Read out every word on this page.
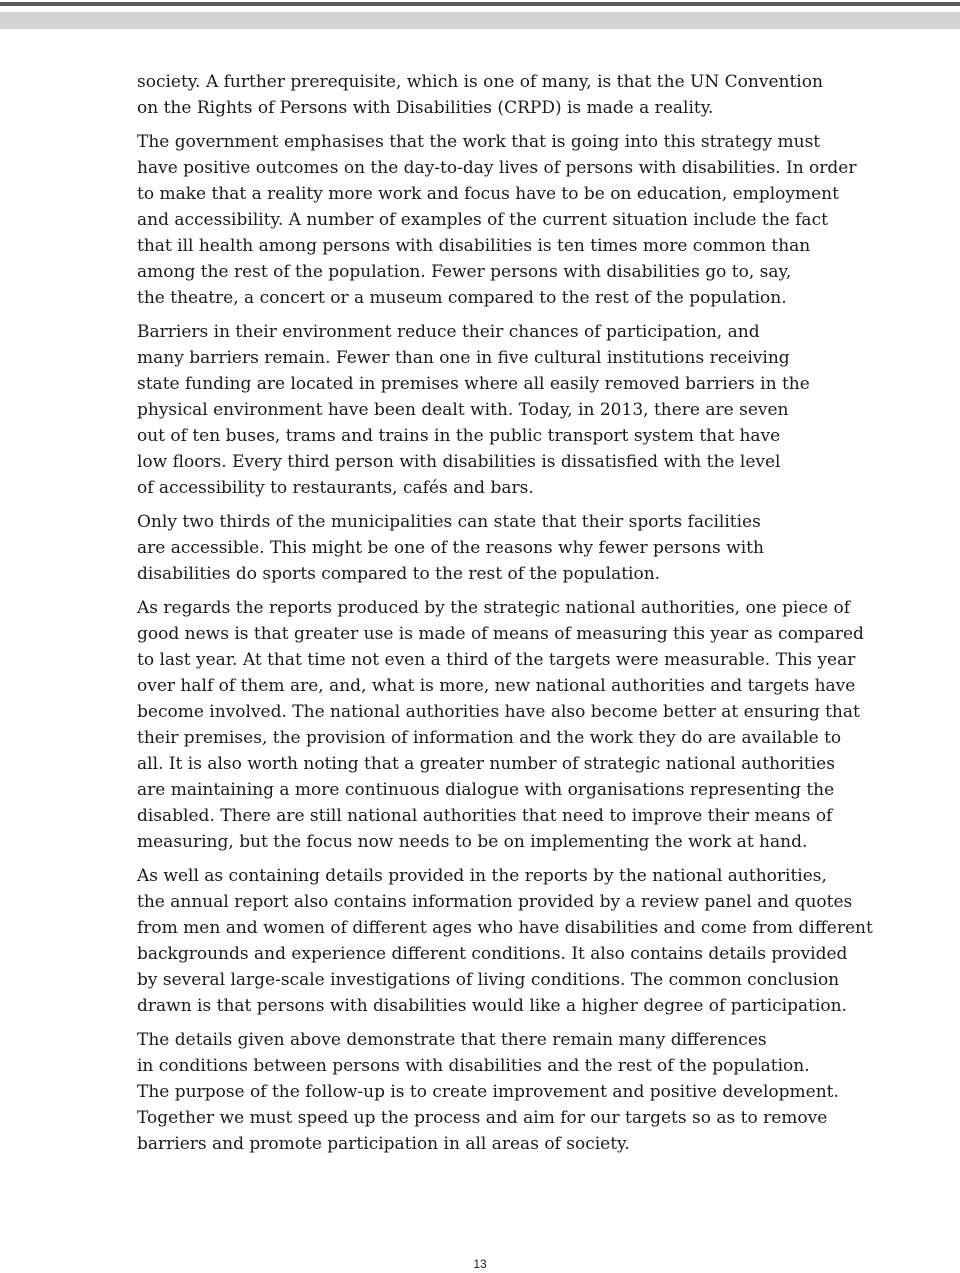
society. A further prerequisite, which is one of many, is that the UN Convention
on the Rights of Persons with Disabilities (CRPD) is made a reality.

The government emphasises that the work that is going into this strategy must
have positive outcomes on the day-to-day lives of persons with disabilities. In order
to make that a reality more work and focus have to be on education, employment
and accessibility. A number of examples of the current situation include the fact
that ill health among persons with disabilities is ten times more common than
among the rest of the population. Fewer persons with disabilities go to, say,
the theatre, a concert or a museum compared to the rest of the population.

Barriers in their environment reduce their chances of participation, and
many barriers remain. Fewer than one in five cultural institutions receiving
state funding are located in premises where all easily removed barriers in the
physical environment have been dealt with. Today, in 2013, there are seven
out of ten buses, trams and trains in the public transport system that have
low floors. Every third person with disabilities is dissatisfied with the level
of accessibility to restaurants, cafés and bars.

Only two thirds of the municipalities can state that their sports facilities
are accessible. This might be one of the reasons why fewer persons with
disabilities do sports compared to the rest of the population.

As regards the reports produced by the strategic national authorities, one piece of
good news is that greater use is made of means of measuring this year as compared
to last year. At that time not even a third of the targets were measurable. This year
over half of them are, and, what is more, new national authorities and targets have
become involved. The national authorities have also become better at ensuring that
their premises, the provision of information and the work they do are available to
all. It is also worth noting that a greater number of strategic national authorities
are maintaining a more continuous dialogue with organisations representing the
disabled. There are still national authorities that need to improve their means of
measuring, but the focus now needs to be on implementing the work at hand.

As well as containing details provided in the reports by the national authorities,
the annual report also contains information provided by a review panel and quotes
from men and women of different ages who have disabilities and come from different
backgrounds and experience different conditions. It also contains details provided
by several large-scale investigations of living conditions. The common conclusion
drawn is that persons with disabilities would like a higher degree of participation.

The details given above demonstrate that there remain many differences
in conditions between persons with disabilities and the rest of the population.
The purpose of the follow-up is to create improvement and positive development.
Together we must speed up the process and aim for our targets so as to remove
barriers and promote participation in all areas of society.

13
